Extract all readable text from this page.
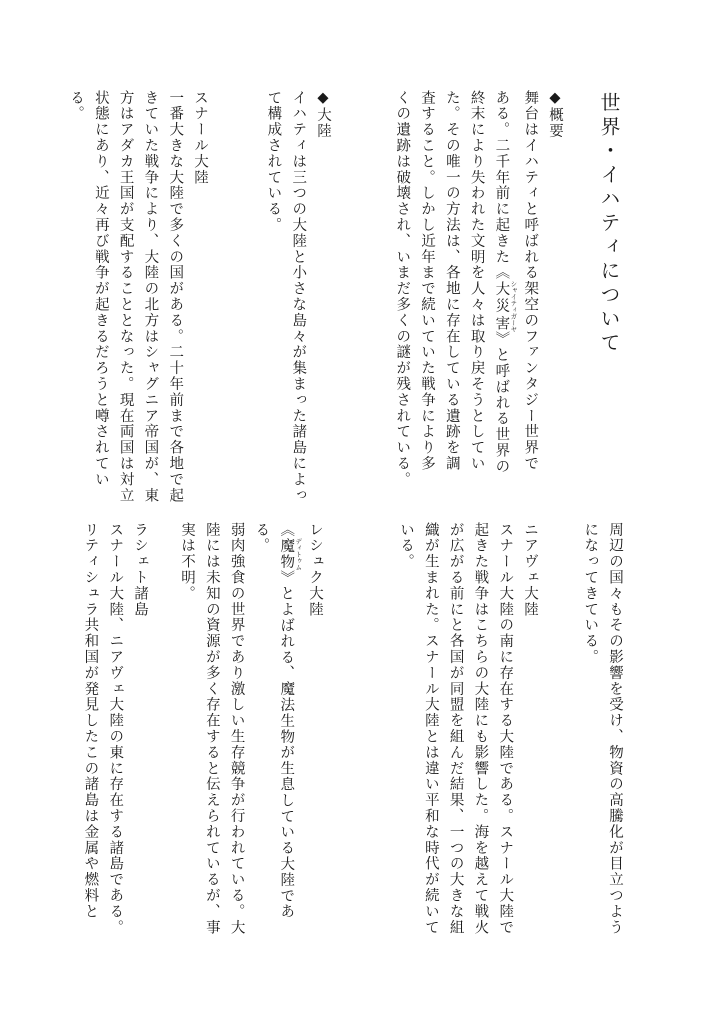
世界・イハティについて
◆概要
舞台はイハティと呼ばれる架空のファンタジー世界で
ある。二千年前に起きた《大災害 シャイティガーヤ》と呼ばれる世界の
終末により失われた文明を人々は取り戻そうとしてい
た。その唯一の方法は、各地に存在している遺跡を調
査すること。しかし近年まで続いていた戦争により多
くの遺跡は破壊され、いまだ多くの謎が残されている。
◆大陸
イハティは三つの大陸と小さな島々が集まった諸島によっ
て構成されている。
スナール大陸
一番大きな大陸で多くの国がある。二十年前まで各地で起
きていた戦争により、大陸の北方はシャグニア帝国が、東
方はアダカ王国が支配することとなった。現在両国は対立
状態にあり、近々再び戦争が起きるだろうと噂されている。
周辺の国々もその影響を受け、物資の高騰化が目立つよう
になってきている。
ニアヴェ大陸
スナール大陸の南に存在する大陸である。スナール大陸で
起きた戦争はこちらの大陸にも影響した。海を越えて戦火
が広がる前にと各国が同盟を組んだ結果、一つの大きな組
織が生まれた。スナール大陸とは違い平和な時代が続いて
いる。
レシュク大陸
《魔物 ディトゥム》とよばれる、魔法生物が生息している大陸である。
弱肉強食の世界であり激しい生存競争が行われている。大
陸には未知の資源が多く存在すると伝えられているが、事
実は不明。
ラシェト諸島
スナール大陸、ニアヴェ大陸の東に存在する諸島である。
リティシュラ共和国が発見したこの諸島は金属や燃料と
